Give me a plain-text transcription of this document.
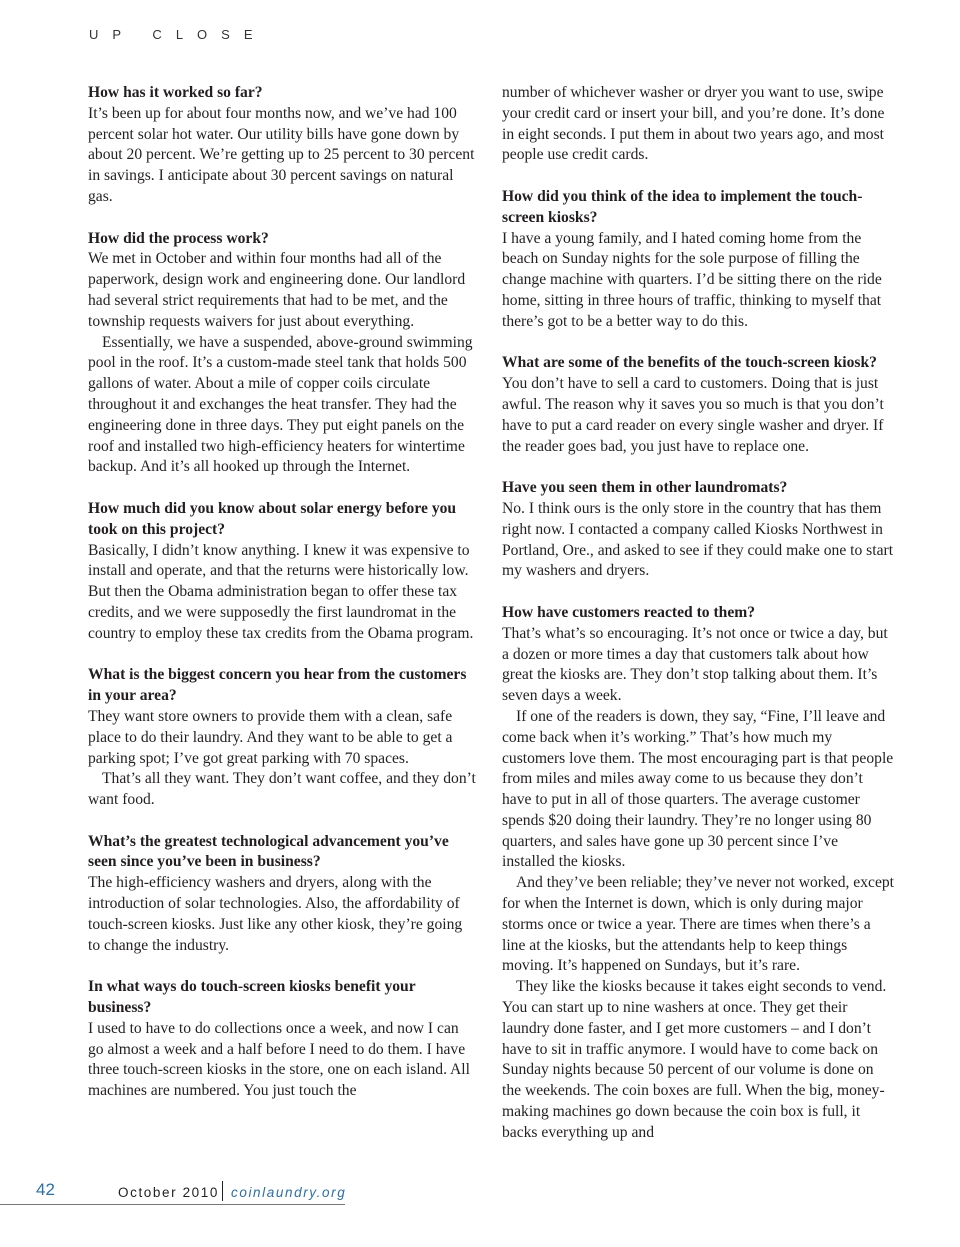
UP CLOSE

How has it worked so far?

It’s been up for about four months now, and we’ve had 100 percent solar hot water. Our utility bills have gone down by about 20 percent. We’re getting up to 25 percent to 30 percent in savings. I anticipate about 30 percent savings on natural gas.

How did the process work?

We met in October and within four months had all of the paperwork, design work and engineering done. Our landlord had several strict requirements that had to be met, and the township requests waivers for just about everything.

Essentially, we have a suspended, above-ground swimming pool in the roof. It’s a custom-made steel tank that holds 500 gallons of water. About a mile of copper coils circulate throughout it and exchanges the heat transfer. They had the engineering done in three days. They put eight panels on the roof and installed two high-efficiency heaters for wintertime backup. And it’s all hooked up through the Internet.

How much did you know about solar energy before you took on this project?

Basically, I didn’t know anything. I knew it was expensive to install and operate, and that the returns were historically low. But then the Obama administration began to offer these tax credits, and we were supposedly the first laundromat in the country to employ these tax credits from the Obama program.

What is the biggest concern you hear from the customers in your area?

They want store owners to provide them with a clean, safe place to do their laundry. And they want to be able to get a parking spot; I’ve got great parking with 70 spaces.

That’s all they want. They don’t want coffee, and they don’t want food.

What’s the greatest technological advancement you’ve seen since you’ve been in business?

The high-efficiency washers and dryers, along with the introduction of solar technologies. Also, the affordability of touch-screen kiosks. Just like any other kiosk, they’re going to change the industry.

In what ways do touch-screen kiosks benefit your business?

I used to have to do collections once a week, and now I can go almost a week and a half before I need to do them. I have three touch-screen kiosks in the store, one on each island. All machines are numbered. You just touch the

number of whichever washer or dryer you want to use, swipe your credit card or insert your bill, and you’re done. It’s done in eight seconds. I put them in about two years ago, and most people use credit cards.

How did you think of the idea to implement the touch-screen kiosks?

I have a young family, and I hated coming home from the beach on Sunday nights for the sole purpose of filling the change machine with quarters. I’d be sitting there on the ride home, sitting in three hours of traffic, thinking to myself that there’s got to be a better way to do this.

What are some of the benefits of the touch-screen kiosk?

You don’t have to sell a card to customers. Doing that is just awful. The reason why it saves you so much is that you don’t have to put a card reader on every single washer and dryer. If the reader goes bad, you just have to replace one.

Have you seen them in other laundromats?

No. I think ours is the only store in the country that has them right now. I contacted a company called Kiosks Northwest in Portland, Ore., and asked to see if they could make one to start my washers and dryers.

How have customers reacted to them?

That’s what’s so encouraging. It’s not once or twice a day, but a dozen or more times a day that customers talk about how great the kiosks are. They don’t stop talking about them. It’s seven days a week.

If one of the readers is down, they say, “Fine, I’ll leave and come back when it’s working.” That’s how much my customers love them. The most encouraging part is that people from miles and miles away come to us because they don’t have to put in all of those quarters. The average customer spends $20 doing their laundry. They’re no longer using 80 quarters, and sales have gone up 30 percent since I’ve installed the kiosks.

And they’ve been reliable; they’ve never not worked, except for when the Internet is down, which is only during major storms once or twice a year. There are times when there’s a line at the kiosks, but the attendants help to keep things moving. It’s happened on Sundays, but it’s rare.

They like the kiosks because it takes eight seconds to vend. You can start up to nine washers at once. They get their laundry done faster, and I get more customers – and I don’t have to sit in traffic anymore. I would have to come back on Sunday nights because 50 percent of our volume is done on the weekends. The coin boxes are full. When the big, money-making machines go down because the coin box is full, it backs everything up and

42	October 2010 coinlaundry.org
